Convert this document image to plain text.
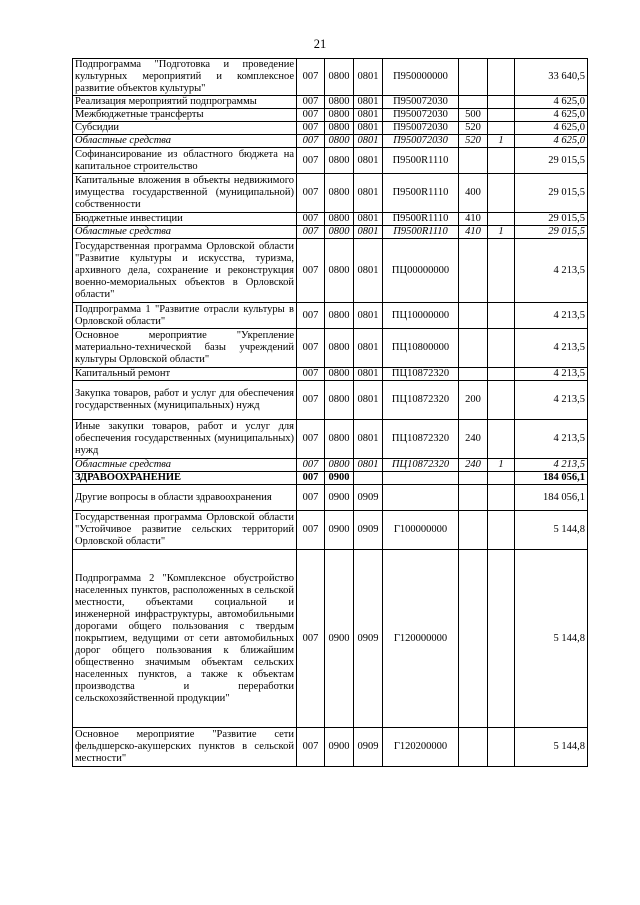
21
Подпрограмма "Подготовка и проведение культурных мероприятий и комплексное развитие объектов культуры"	007	0800	0801	П950000000			33 640,5
Реализация мероприятий подпрограммы	007	0800	0801	П950072030			4 625,0
Межбюджетные трансферты	007	0800	0801	П950072030	500		4 625,0
Субсидии	007	0800	0801	П950072030	520		4 625,0
Областные средства	007	0800	0801	П950072030	520	1	4 625,0
Софинансирование из областного бюджета на капитальное строительство	007	0800	0801	П9500R1110			29 015,5
Капитальные вложения в объекты недвижимого имущества государственной (муниципальной) собственности	007	0800	0801	П9500R1110	400		29 015,5
Бюджетные инвестиции	007	0800	0801	П9500R1110	410		29 015,5
Областные средства	007	0800	0801	П9500R1110	410	1	29 015,5
Государственная программа Орловской области "Развитие культуры и искусства, туризма, архивного дела, сохранение и реконструкция военно-мемориальных объектов в Орловской области"	007	0800	0801	ПЦ00000000			4 213,5
Подпрограмма 1 "Развитие отрасли культуры в Орловской области"	007	0800	0801	ПЦ10000000			4 213,5
Основное мероприятие "Укрепление материально-технической базы учреждений культуры Орловской области"	007	0800	0801	ПЦ10800000			4 213,5
Капитальный ремонт	007	0800	0801	ПЦ10872320			4 213,5
Закупка товаров, работ и услуг для обеспечения государственных (муниципальных) нужд	007	0800	0801	ПЦ10872320	200		4 213,5
Иные закупки товаров, работ и услуг для обеспечения государственных (муниципальных) нужд	007	0800	0801	ПЦ10872320	240		4 213,5
Областные средства	007	0800	0801	ПЦ10872320	240	1	4 213,5
ЗДРАВООХРАНЕНИЕ	007	0900					184 056,1
Другие вопросы в области здравоохранения	007	0900	0909				184 056,1
Государственная программа Орловской области "Устойчивое развитие сельских территорий Орловской области"	007	0900	0909	Г100000000			5 144,8
Подпрограмма 2 "Комплексное обустройство населенных пунктов, расположенных в сельской местности, объектами социальной и инженерной инфраструктуры, автомобильными дорогами общего пользования с твердым покрытием, ведущими от сети автомобильных дорог общего пользования к ближайшим общественно значимым объектам сельских населенных пунктов, а также к объектам производства и переработки сельскохозяйственной продукции"	007	0900	0909	Г120000000			5 144,8
Основное мероприятие "Развитие сети фельдшерско-акушерских пунктов в сельской местности"	007	0900	0909	Г120200000			5 144,8
